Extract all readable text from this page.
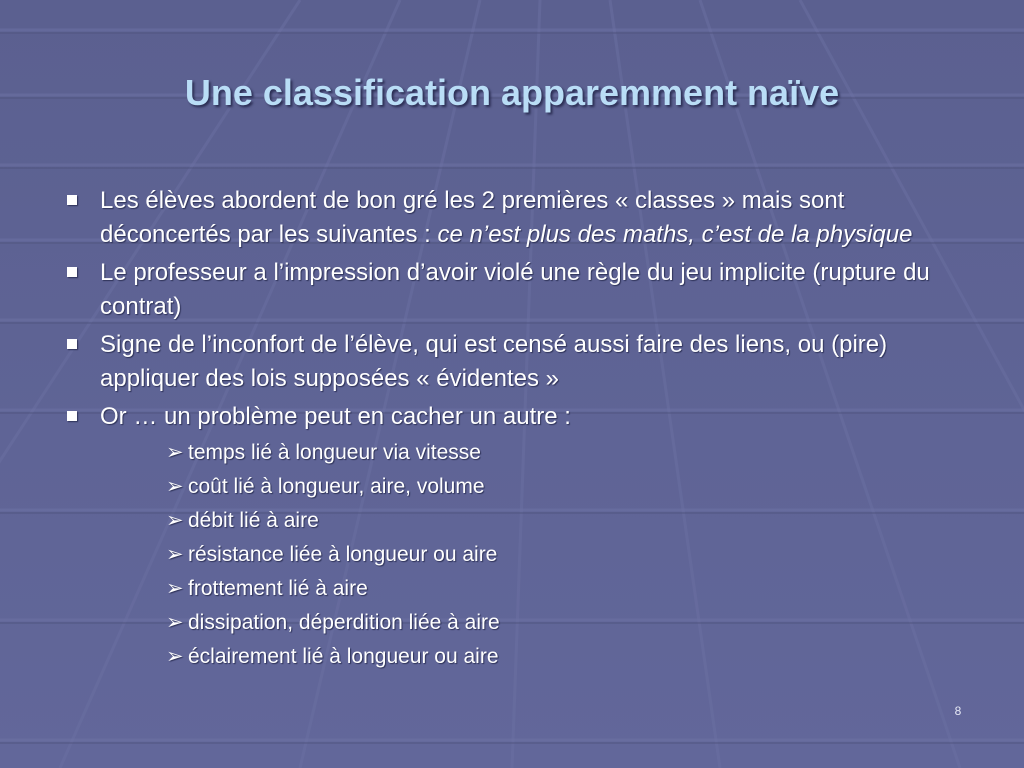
Une classification apparemment naïve
Les élèves abordent de bon gré les 2 premières « classes » mais sont déconcertés par les suivantes : ce n’est plus des maths, c’est de la physique
Le professeur a l’impression d’avoir violé une règle du jeu implicite (rupture du contrat)
Signe de l’inconfort de l’élève, qui est censé aussi faire des liens, ou (pire) appliquer des lois supposées « évidentes »
Or … un problème peut en cacher un autre :
➢ temps lié à longueur via vitesse
➢ coût lié à longueur, aire, volume
➢ débit lié à aire
➢ résistance liée à longueur ou aire
➢ frottement lié à aire
➢ dissipation, déperdition liée à aire
➢ éclairement lié à longueur ou aire
8
